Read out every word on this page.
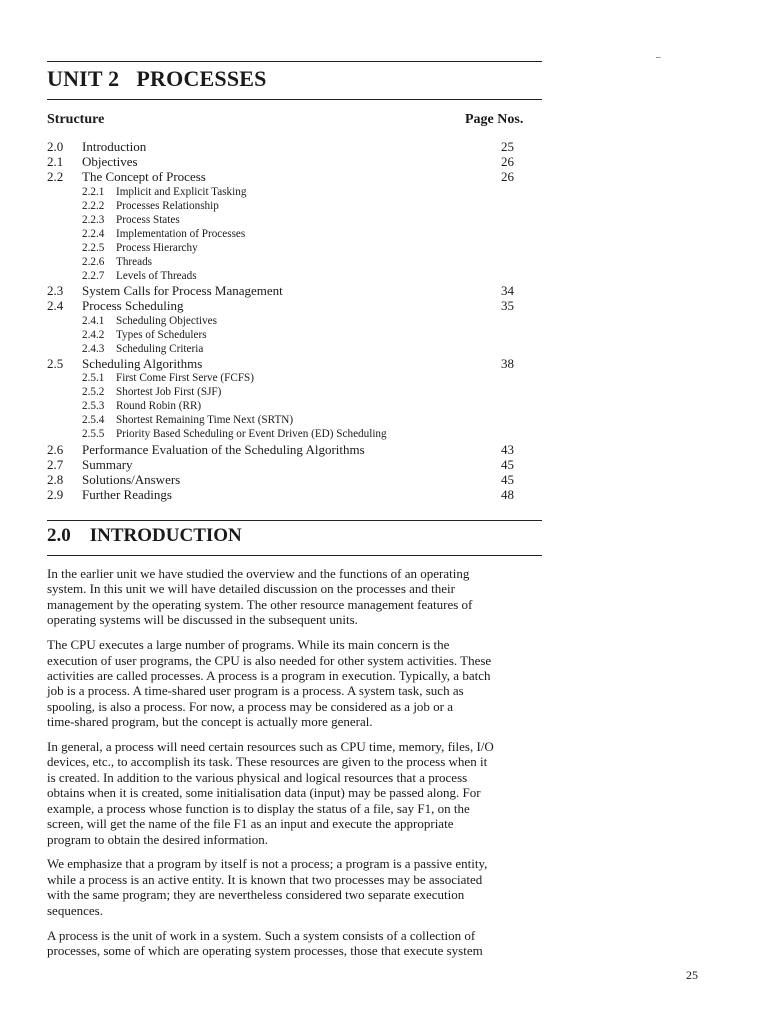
–
UNIT 2   PROCESSES
Structure	Page Nos.
2.0 Introduction	25
2.1 Objectives	26
2.2 The Concept of Process	26
2.2.1 Implicit and Explicit Tasking
2.2.2 Processes Relationship
2.2.3 Process States
2.2.4 Implementation of Processes
2.2.5 Process Hierarchy
2.2.6 Threads
2.2.7 Levels of Threads
2.3 System Calls for Process Management	34
2.4 Process Scheduling	35
2.4.1 Scheduling Objectives
2.4.2 Types of Schedulers
2.4.3 Scheduling Criteria
2.5 Scheduling Algorithms	38
2.5.1 First Come First Serve (FCFS)
2.5.2 Shortest Job First (SJF)
2.5.3 Round Robin (RR)
2.5.4 Shortest Remaining Time Next (SRTN)
2.5.5 Priority Based Scheduling or Event Driven (ED) Scheduling
2.6 Performance Evaluation of the Scheduling Algorithms	43
2.7 Summary	45
2.8 Solutions/Answers	45
2.9 Further Readings	48
2.0    INTRODUCTION

In the earlier unit we have studied the overview and the functions of an operating
system. In this unit we will have detailed discussion on the processes and their
management by the operating system. The other resource management features of
operating systems will be discussed in the subsequent units.

The CPU executes a large number of programs. While its main concern is the
execution of user programs, the CPU is also needed for other system activities. These
activities are called processes. A process is a program in execution. Typically, a batch
job is a process. A time-shared user program is a process. A system task, such as
spooling, is also a process. For now, a process may be considered as a job or a
time-shared program, but the concept is actually more general.

In general, a process will need certain resources such as CPU time, memory, files, I/O
devices, etc., to accomplish its task. These resources are given to the process when it
is created. In addition to the various physical and logical resources that a process
obtains when it is created, some initialisation data (input) may be passed along. For
example, a process whose function is to display the status of a file, say F1, on the
screen, will get the name of the file F1 as an input and execute the appropriate
program to obtain the desired information.

We emphasize that a program by itself is not a process; a program is a passive entity,
while a process is an active entity. It is known that two processes may be associated
with the same program; they are nevertheless considered two separate execution
sequences.

A process is the unit of work in a system. Such a system consists of a collection of
processes, some of which are operating system processes, those that execute system

25
